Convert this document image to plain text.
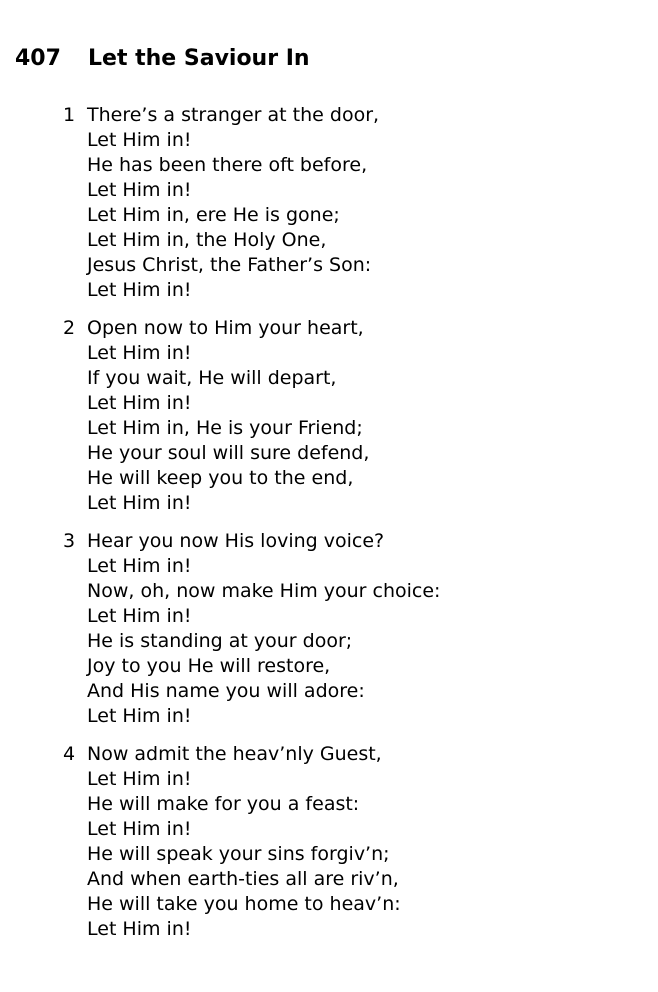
407	Let the Saviour In
1 There’s a stranger at the door,
Let Him in!
He has been there oft before,
Let Him in!
Let Him in, ere He is gone;
Let Him in, the Holy One,
Jesus Christ, the Father’s Son:
Let Him in!
2 Open now to Him your heart,
Let Him in!
If you wait, He will depart,
Let Him in!
Let Him in, He is your Friend;
He your soul will sure defend,
He will keep you to the end,
Let Him in!
3 Hear you now His loving voice?
Let Him in!
Now, oh, now make Him your choice:
Let Him in!
He is standing at your door;
Joy to you He will restore,
And His name you will adore:
Let Him in!
4 Now admit the heav’nly Guest,
Let Him in!
He will make for you a feast:
Let Him in!
He will speak your sins forgiv’n;
And when earth-ties all are riv’n,
He will take you home to heav’n:
Let Him in!
